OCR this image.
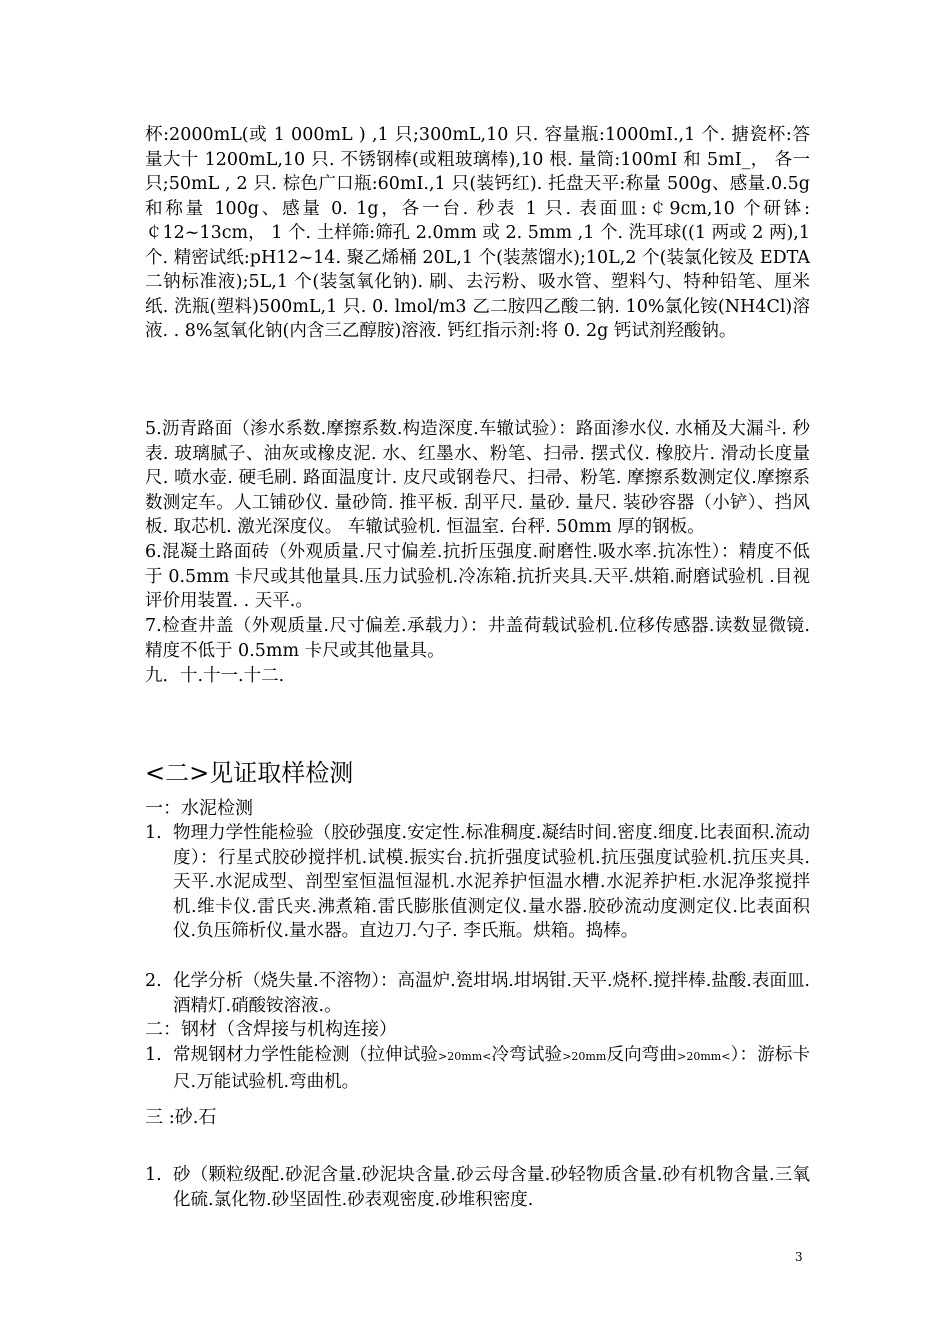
杯:2000mL(或 1 000mL ) ,1 只;300mL,10 只. 容量瓶:1000mI.,1 个. 搪瓷杯:答量大十 1200mL,10 只. 不锈钢棒(或粗玻璃棒),10 根. 量筒:100mI 和 5mI_， 各一只;50mL , 2 只. 棕色广口瓶:60mI.,1 只(装钙红). 托盘天平:称量 500g、感量.0.5g 和称量 100g、感量 0. 1g，各一台. 秒表 1 只. 表面皿:￠9cm,10 个研钵: ￠12~13cm， 1 个. 土样筛:筛孔 2.0mm 或 2. 5mm ,1 个. 洗耳球((1 两或 2 两),1 个. 精密试纸:pH12~14. 聚乙烯桶 20L,1 个(装蒸馏水);10L,2 个(装氯化铵及 EDTA 二钠标准液);5L,1 个(装氢氧化钠). 刷、去污粉、吸水管、塑料勺、特种铅笔、厘米纸. 洗瓶(塑料)500mL,1 只. 0. lmol/m3 乙二胺四乙酸二钠. 10%氯化铵(NH4Cl)溶液. . 8%氢氧化钠(内含三乙醇胺)溶液. 钙红指示剂:将 0. 2g 钙试剂羟酸钠。

5.沥青路面（渗水系数.摩擦系数.构造深度.车辙试验）：路面渗水仪. 水桶及大漏斗. 秒表. 玻璃腻子、油灰或橡皮泥. 水、红墨水、粉笔、扫帚. 摆式仪. 橡胶片. 滑动长度量尺. 喷水壶. 硬毛刷. 路面温度计. 皮尺或钢卷尺、扫帚、粉笔. 摩擦系数测定仪.摩擦系数测定车。人工铺砂仪. 量砂筒. 推平板. 刮平尺. 量砂. 量尺. 装砂容器（小铲）、挡风板. 取芯机. 激光深度仪。 车辙试验机. 恒温室. 台秤. 50mm 厚的钢板。

6.混凝土路面砖（外观质量.尺寸偏差.抗折压强度.耐磨性.吸水率.抗冻性）：精度不低于 0.5mm 卡尺或其他量具.压力试验机.冷冻箱.抗折夹具.天平.烘箱.耐磨试验机 .目视评价用装置. . 天平.。

7.检查井盖（外观质量.尺寸偏差.承载力）：井盖荷载试验机.位移传感器.读数显微镜. 精度不低于 0.5mm 卡尺或其他量具。

九．十.十一.十二.

<二>见证取样检测

一：水泥检测

1. 物理力学性能检验（胶砂强度.安定性.标准稠度.凝结时间.密度.细度.比表面积.流动度）：行星式胶砂搅拌机.试模.振实台.抗折强度试验机.抗压强度试验机.抗压夹具.天平.水泥成型、剖型室恒温恒湿机.水泥养护恒温水槽.水泥养护柜.水泥净浆搅拌机.维卡仪.雷氏夹.沸煮箱.雷氏膨胀值测定仪.量水器.胶砂流动度测定仪.比表面积仪.负压筛析仪.量水器。直边刀.勺子. 李氏瓶。烘箱。捣棒。
2. 化学分析（烧失量.不溶物）：高温炉.瓷坩埚.坩埚钳.天平.烧杯.搅拌棒.盐酸.表面皿.酒精灯.硝酸铵溶液.。

二：钢材（含焊接与机构连接）

1. 常规钢材力学性能检测（拉伸试验>20mm<冷弯试验>20mm反向弯曲>20mm<）：游标卡尺.万能试验机.弯曲机。

三 :砂.石

1. 砂（颗粒级配.砂泥含量.砂泥块含量.砂云母含量.砂轻物质含量.砂有机物含量.三氧化硫.氯化物.砂坚固性.砂表观密度.砂堆积密度.
3
